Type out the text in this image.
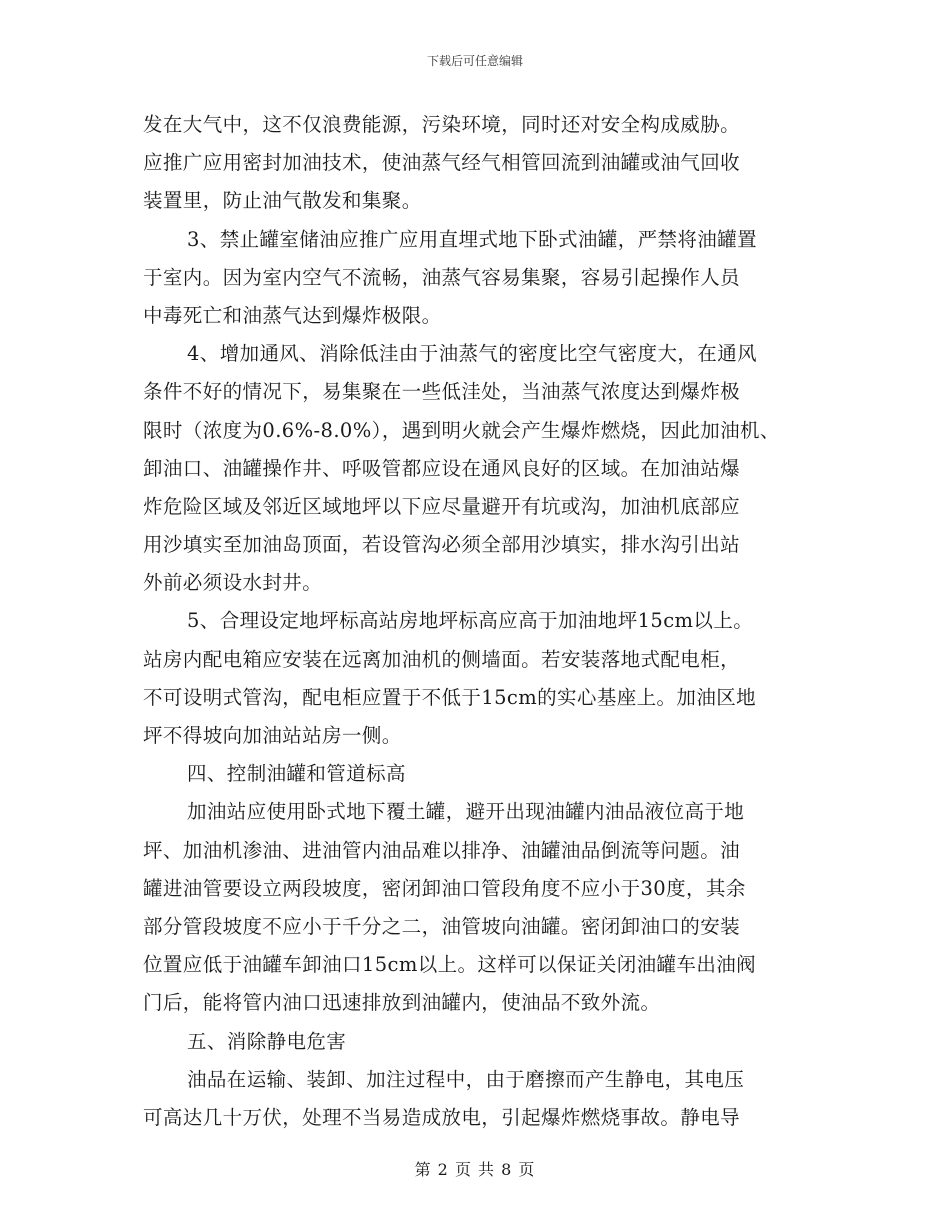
下载后可任意编辑
发在大气中，这不仅浪费能源，污染环境，同时还对安全构成威胁。
应推广应用密封加油技术，使油蒸气经气相管回流到油罐或油气回收
装置里，防止油气散发和集聚。
3、禁止罐室储油应推广应用直埋式地下卧式油罐，严禁将油罐置
于室内。因为室内空气不流畅，油蒸气容易集聚，容易引起操作人员
中毒死亡和油蒸气达到爆炸极限。
4、增加通风、消除低洼由于油蒸气的密度比空气密度大，在通风
条件不好的情况下，易集聚在一些低洼处，当油蒸气浓度达到爆炸极
限时（浓度为0.6%-8.0%），遇到明火就会产生爆炸燃烧，因此加油机、
卸油口、油罐操作井、呼吸管都应设在通风良好的区域。在加油站爆
炸危险区域及邻近区域地坪以下应尽量避开有坑或沟，加油机底部应
用沙填实至加油岛顶面，若设管沟必须全部用沙填实，排水沟引出站
外前必须设水封井。
5、合理设定地坪标高站房地坪标高应高于加油地坪15cm以上。
站房内配电箱应安装在远离加油机的侧墙面。若安装落地式配电柜，
不可设明式管沟，配电柜应置于不低于15cm的实心基座上。加油区地
坪不得坡向加油站站房一侧。
四、控制油罐和管道标高
加油站应使用卧式地下覆土罐，避开出现油罐内油品液位高于地
坪、加油机渗油、进油管内油品难以排净、油罐油品倒流等问题。油
罐进油管要设立两段坡度，密闭卸油口管段角度不应小于30度，其余
部分管段坡度不应小于千分之二，油管坡向油罐。密闭卸油口的安装
位置应低于油罐车卸油口15cm以上。这样可以保证关闭油罐车出油阀
门后，能将管内油口迅速排放到油罐内，使油品不致外流。
五、消除静电危害
油品在运输、装卸、加注过程中，由于磨擦而产生静电，其电压
可高达几十万伏，处理不当易造成放电，引起爆炸燃烧事故。静电导
第 2 页 共 8 页
